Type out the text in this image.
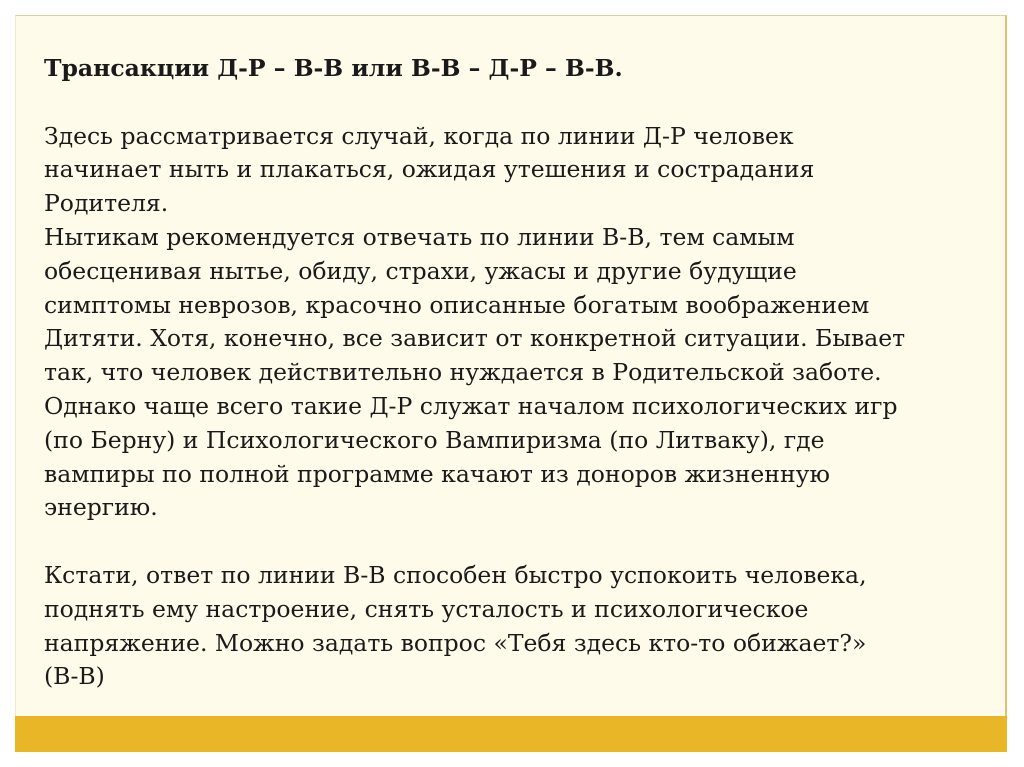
Трансакции Д-Р – В-В или В-В – Д-Р – В-В.

Здесь рассматривается случай, когда по линии Д-Р человек
начинает ныть и плакаться, ожидая утешения и сострадания
Родителя.
Нытикам рекомендуется отвечать по линии В-В, тем самым
обесценивая нытье, обиду, страхи, ужасы и другие будущие
симптомы неврозов, красочно описанные богатым воображением
Дитяти. Хотя, конечно, все зависит от конкретной ситуации. Бывает
так, что человек действительно нуждается в Родительской заботе.
Однако чаще всего такие Д-Р служат началом психологических игр
(по Берну) и Психологического Вампиризма (по Литваку), где
вампиры по полной программе качают из доноров жизненную
энергию.

Кстати, ответ по линии В-В способен быстро успокоить человека,
поднять ему настроение, снять усталость и психологическое
напряжение. Можно задать вопрос «Тебя здесь кто-то обижает?»
(В-В)
